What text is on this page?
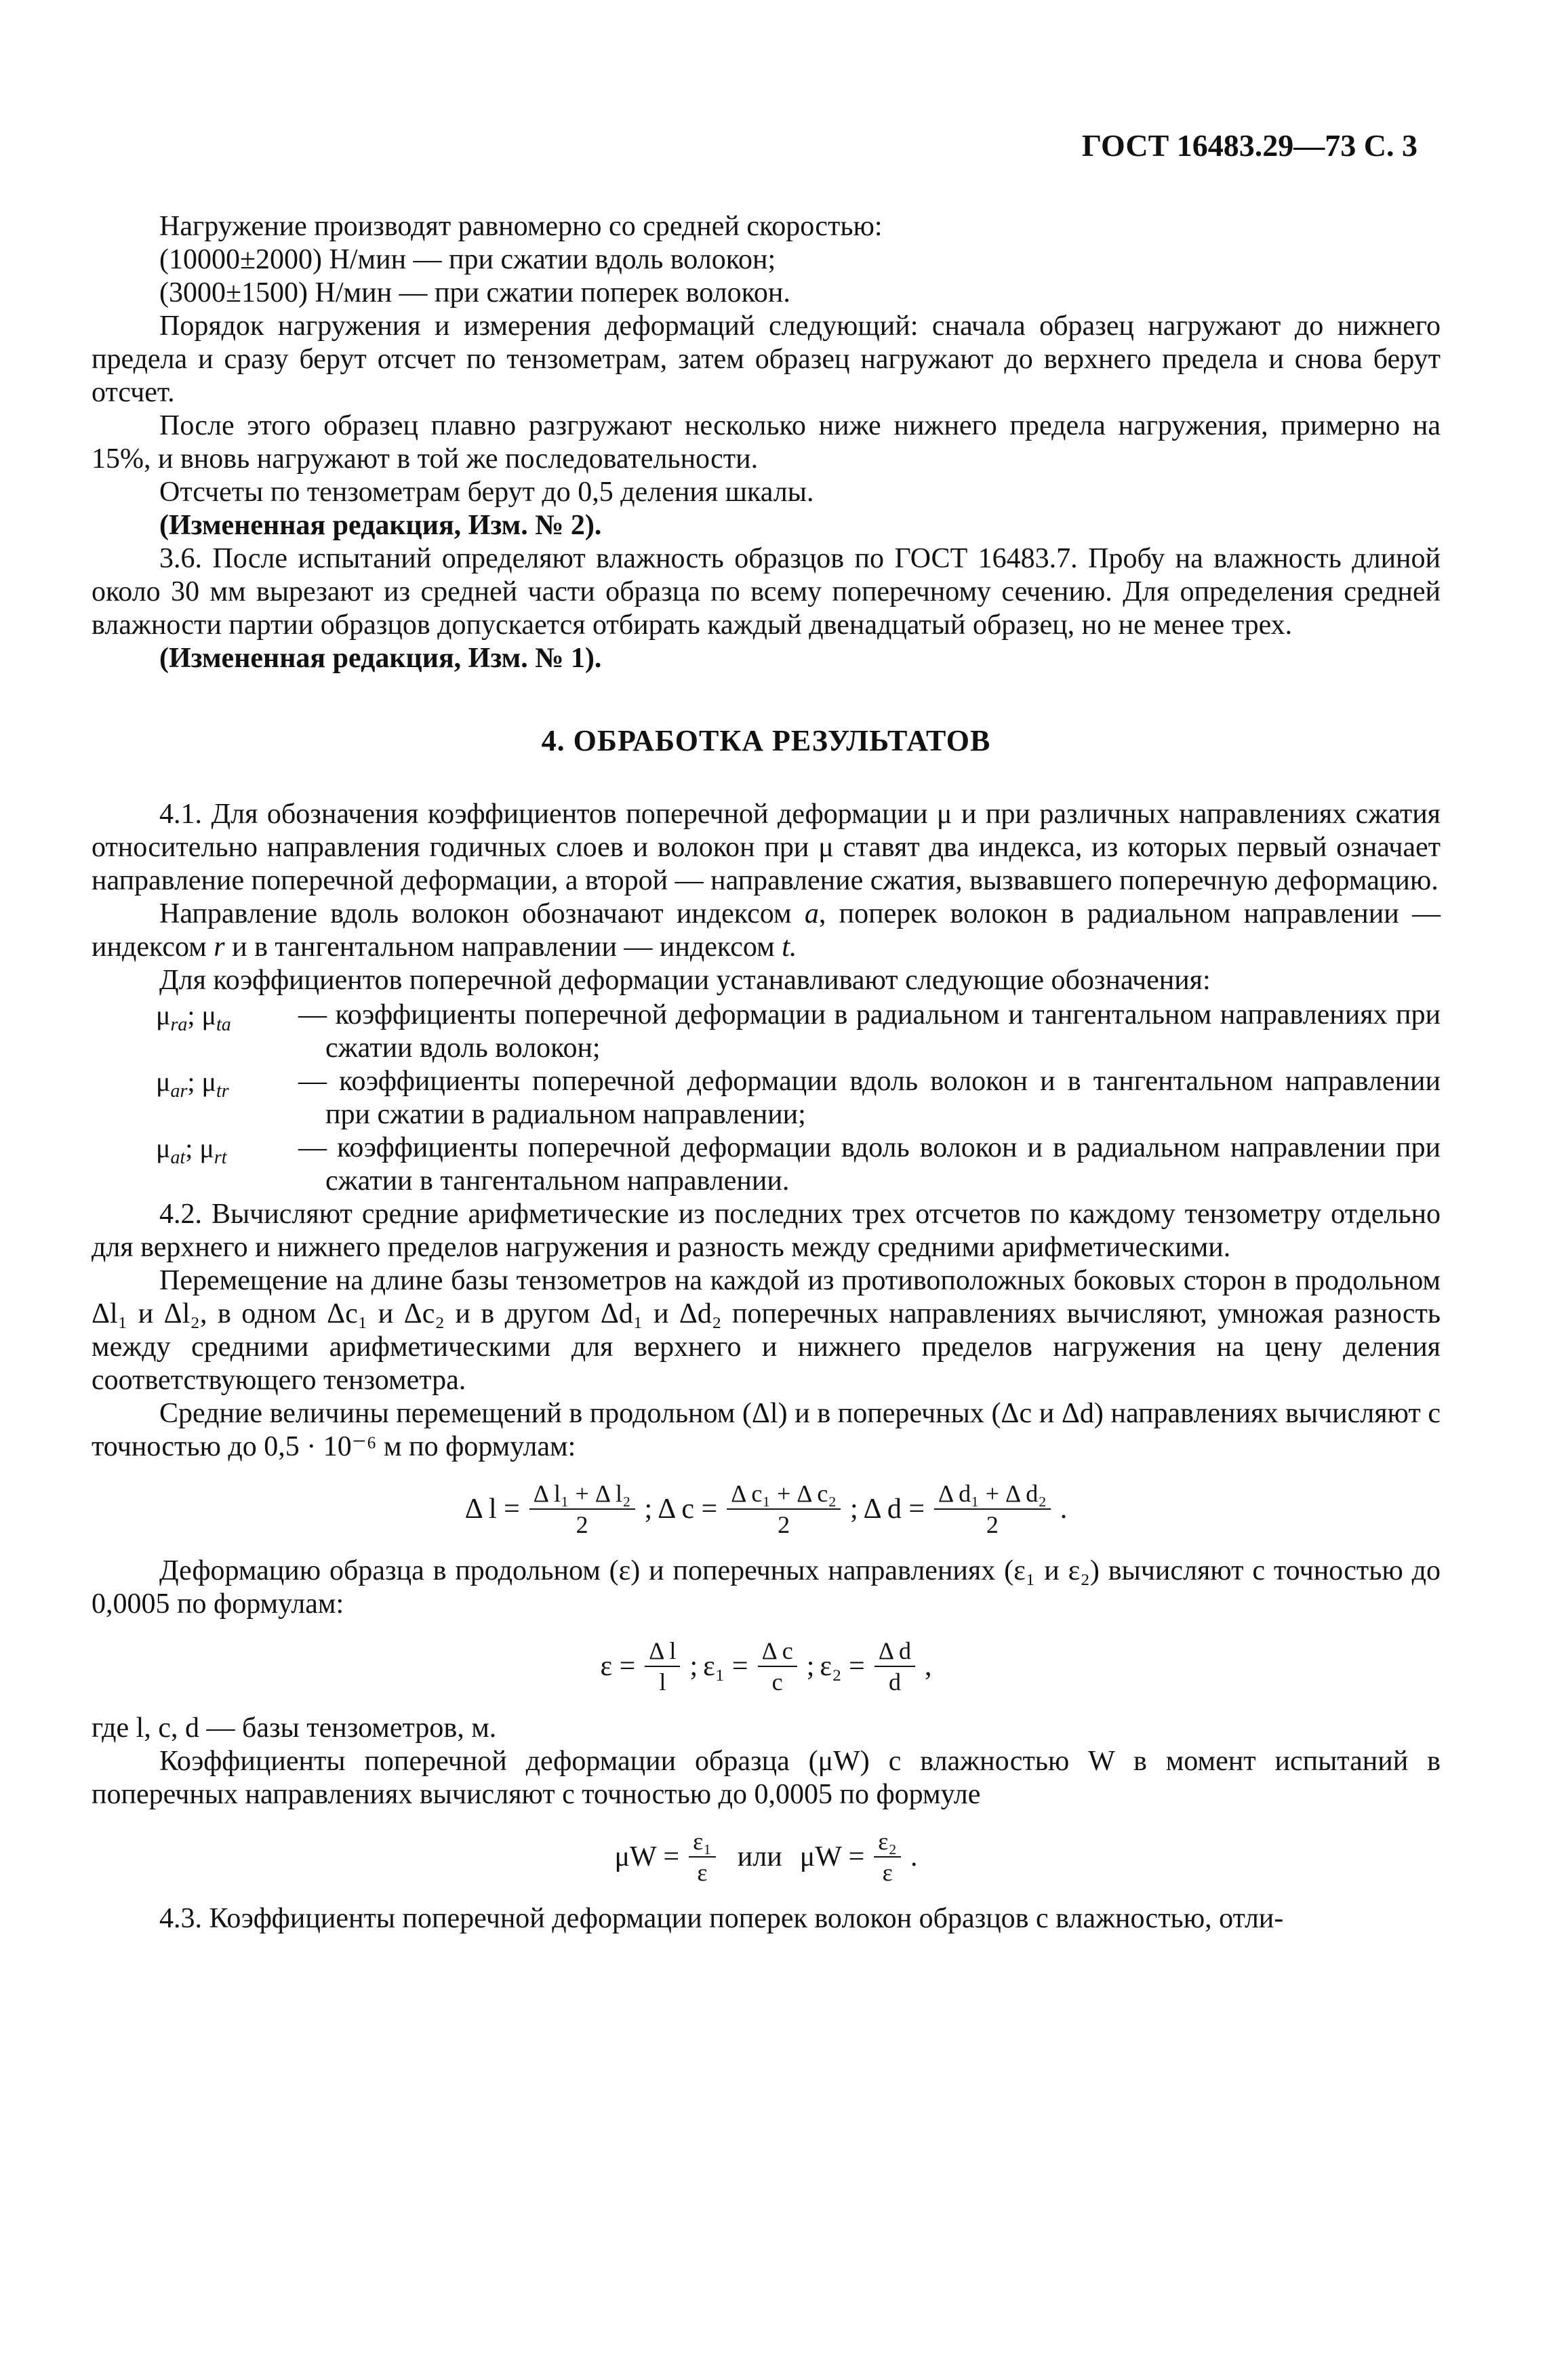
ГОСТ 16483.29—73 С. 3

Нагружение производят равномерно со средней скоростью:

(10000±2000) Н/мин — при сжатии вдоль волокон;

(3000±1500) Н/мин — при сжатии поперек волокон.

Порядок нагружения и измерения деформаций следующий: сначала образец нагружают до нижнего предела и сразу берут отсчет по тензометрам, затем образец нагружают до верхнего предела и снова берут отсчет.

После этого образец плавно разгружают несколько ниже нижнего предела нагружения, примерно на 15%, и вновь нагружают в той же последовательности.

Отсчеты по тензометрам берут до 0,5 деления шкалы.

(Измененная редакция, Изм. № 2).

3.6. После испытаний определяют влажность образцов по ГОСТ 16483.7. Пробу на влажность длиной около 30 мм вырезают из средней части образца по всему поперечному сечению. Для определения средней влажности партии образцов допускается отбирать каждый двенадцатый образец, но не менее трех.

(Измененная редакция, Изм. № 1).

4. ОБРАБОТКА РЕЗУЛЬТАТОВ

4.1. Для обозначения коэффициентов поперечной деформации μ и при различных направлениях сжатия относительно направления годичных слоев и волокон при μ ставят два индекса, из которых первый означает направление поперечной деформации, а второй — направление сжатия, вызвавшего поперечную деформацию.

Направление вдоль волокон обозначают индексом a, поперек волокон в радиальном направлении — индексом r и в тангентальном направлении — индексом t.

Для коэффициентов поперечной деформации устанавливают следующие обозначения:

$\mu_{ra}$; $\mu_{ta}$	— коэффициенты поперечной деформации в радиальном и тангентальном направлениях при сжатии вдоль волокон;
$\mu_{ar}$; $\mu_{tr}$	— коэффициенты поперечной деформации вдоль волокон и в тангентальном направлении при сжатии в радиальном направлении;
$\mu_{at}$; $\mu_{rt}$	— коэффициенты поперечной деформации вдоль волокон и в радиальном направлении при сжатии в тангентальном направлении.

4.2. Вычисляют средние арифметические из последних трех отсчетов по каждому тензометру отдельно для верхнего и нижнего пределов нагружения и разность между средними арифметическими.

Перемещение на длине базы тензометров на каждой из противоположных боковых сторон в продольном Δl₁ и Δl₂, в одном Δc₁ и Δc₂ и в другом Δd₁ и Δd₂ поперечных направлениях вычисляют, умножая разность между средними арифметическими для верхнего и нижнего пределов нагружения на цену деления соответствующего тензометра.

Средние величины перемещений в продольном (Δl) и в поперечных (Δc и Δd) направлениях вычисляют с точностью до 0,5 · 10⁻⁶ м по формулам:

Δ $l = \frac{\text{Δ l₁ + Δ l₂}}{2}$ ; Δ $c = \frac{\text{Δ c₁ + Δ c₂}}{2}$ ; Δ $d = \frac{\text{Δ d₁ + Δ d₂}}{2}$ .

Деформацию образца в продольном (ε) и поперечных направлениях (ε₁ и ε₂) вычисляют с точностью до 0,0005 по формулам:

$\varepsilon = \frac{\text{Δ l}}{l}$ ; $\varepsilon_1 = \frac{\text{Δ c}}{c}$ ; $\varepsilon_2 = \frac{\text{Δ d}}{d}$ ,

где l, c, d — базы тензометров, м.

Коэффициенты поперечной деформации образца (μW) с влажностью W в момент испытаний в поперечных направлениях вычисляют с точностью до 0,0005 по формуле

$\mu W = \frac{\text{ε₁}}{\varepsilon}$ или $\mu W = \frac{\text{ε₂}}{\varepsilon}$ .

4.3. Коэффициенты поперечной деформации поперек волокон образцов с влажностью, отли-
